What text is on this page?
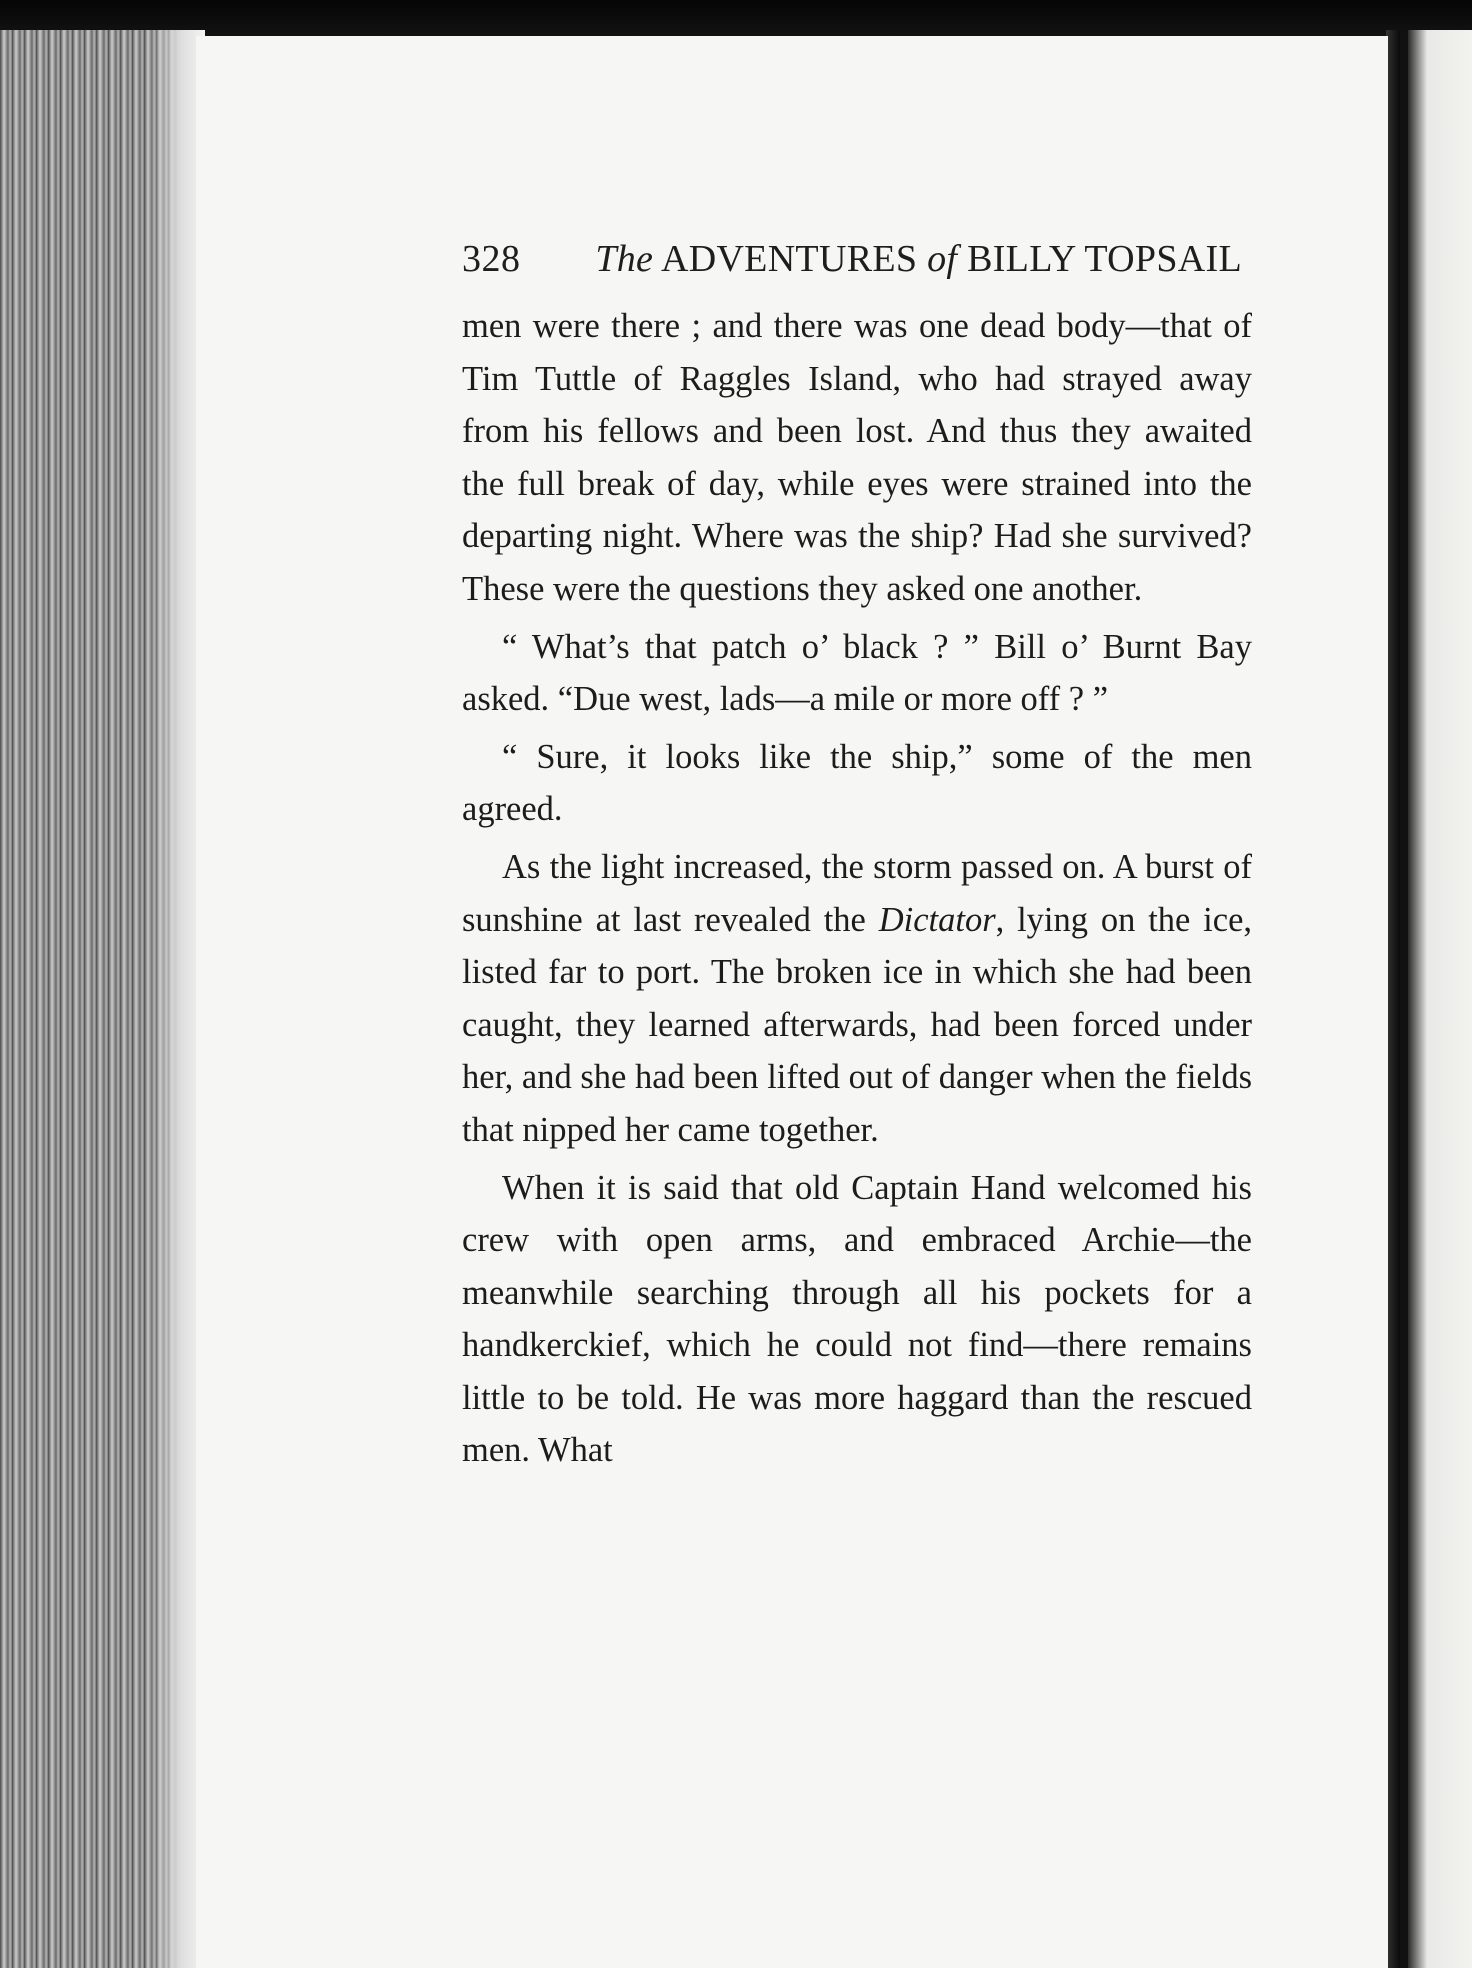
328 The ADVENTURES of BILLY TOPSAIL

men were there ; and there was one dead body—that of Tim Tuttle of Raggles Island, who had strayed away from his fellows and been lost. And thus they awaited the full break of day, while eyes were strained into the departing night. Where was the ship? Had she survived? These were the questions they asked one another.

“ What’s that patch o’ black ? ” Bill o’ Burnt Bay asked. “Due west, lads—a mile or more off ? ”

“ Sure, it looks like the ship,” some of the men agreed.

As the light increased, the storm passed on. A burst of sunshine at last revealed the Dictator, lying on the ice, listed far to port. The broken ice in which she had been caught, they learned afterwards, had been forced under her, and she had been lifted out of danger when the fields that nipped her came together.

When it is said that old Captain Hand welcomed his crew with open arms, and embraced Archie—the meanwhile searching through all his pockets for a handkerckief, which he could not find—there remains little to be told. He was more haggard than the rescued men. What
